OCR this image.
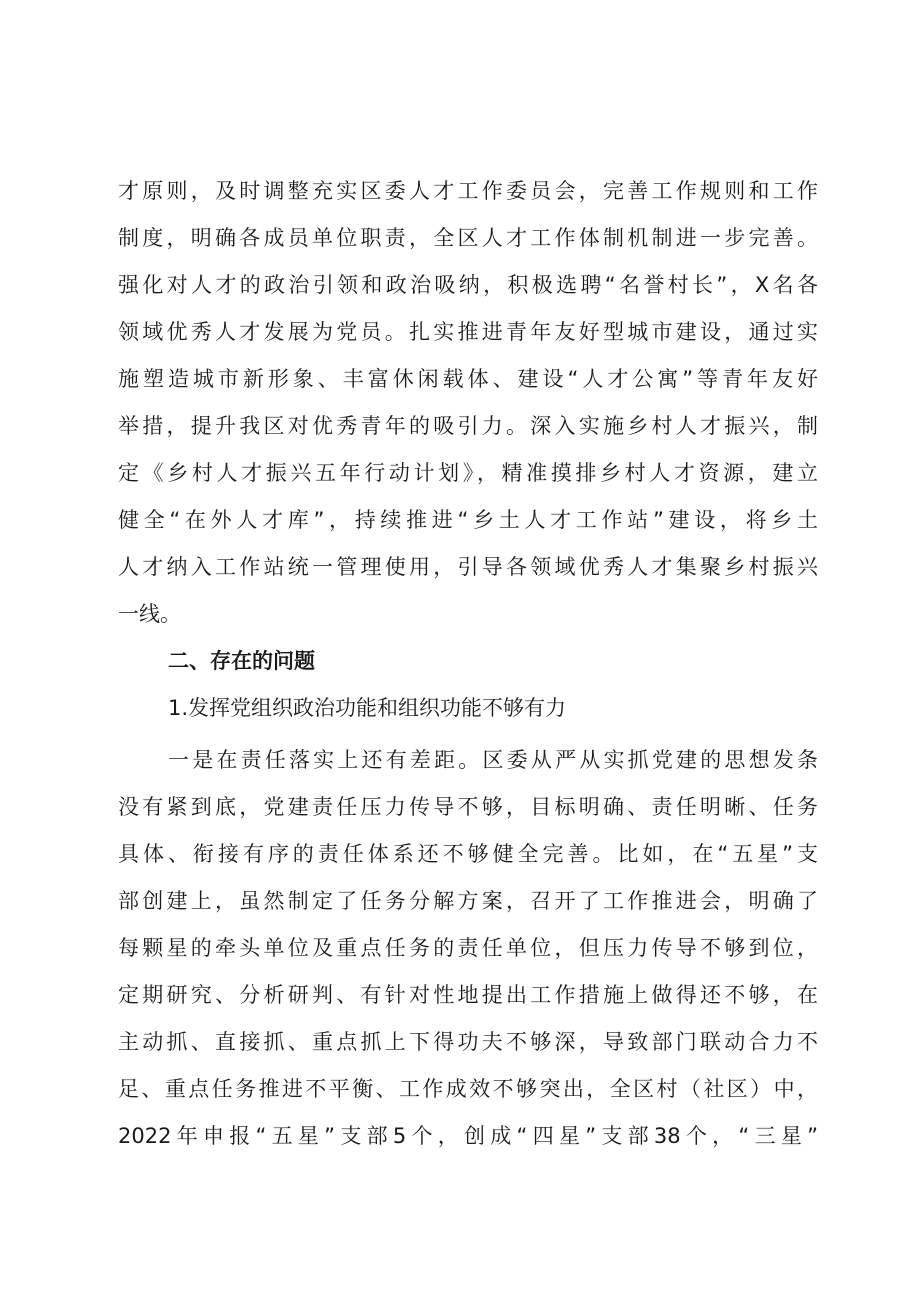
才原则，及时调整充实区委人才工作委员会，完善工作规则和工作
制度，明确各成员单位职责，全区人才工作体制机制进一步完善。
强化对人才的政治引领和政治吸纳，积极选聘“名誉村长”，X名各
领域优秀人才发展为党员。扎实推进青年友好型城市建设，通过实
施塑造城市新形象、丰富休闲载体、建设“人才公寓”等青年友好
举措，提升我区对优秀青年的吸引力。深入实施乡村人才振兴，制
定《乡村人才振兴五年行动计划》，精准摸排乡村人才资源，建立
健全“在外人才库”，持续推进“乡土人才工作站”建设，将乡土
人才纳入工作站统一管理使用，引导各领域优秀人才集聚乡村振兴
一线。
二、存在的问题
1.发挥党组织政治功能和组织功能不够有力
一是在责任落实上还有差距。区委从严从实抓党建的思想发条
没有紧到底，党建责任压力传导不够，目标明确、责任明晰、任务
具体、衔接有序的责任体系还不够健全完善。比如，在“五星”支
部创建上，虽然制定了任务分解方案，召开了工作推进会，明确了
每颗星的牵头单位及重点任务的责任单位，但压力传导不够到位，
定期研究、分析研判、有针对性地提出工作措施上做得还不够，在
主动抓、直接抓、重点抓上下得功夫不够深，导致部门联动合力不
足、重点任务推进不平衡、工作成效不够突出，全区村（社区）中，
2022年申报“五星”支部5个，创成“四星”支部38个，“三星”
